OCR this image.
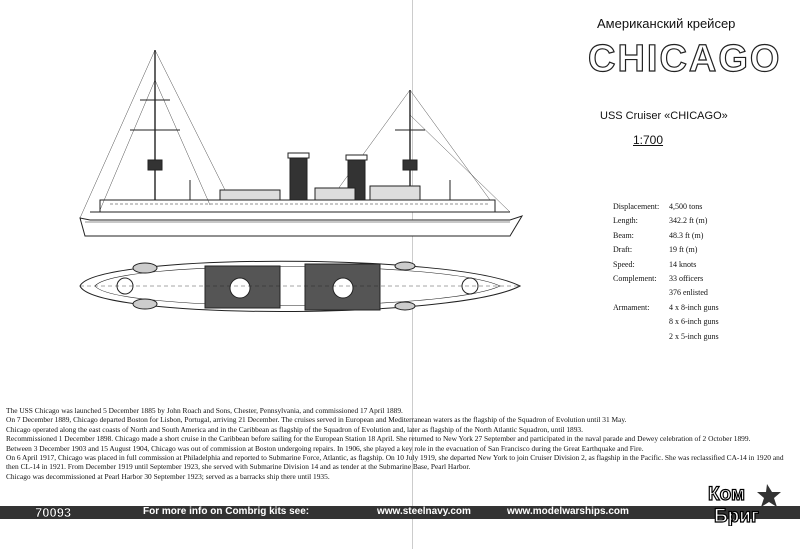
Американский крейсер
CHICAGO
USS Cruiser «CHICAGO»
1:700
Displacement:	4,500 tons
Length:	342.2 ft (m)
Beam:	48.3 ft (m)
Draft:	19 ft (m)
Speed:	14 knots
Complement:	33 officers
376 enlisted
Armament:	4 x 8-inch guns
8 x 6-inch guns
2 x 5-inch guns

The USS Chicago was launched 5 December 1885 by John Roach and Sons, Chester, Pennsylvania, and commissioned 17 April 1889.

On 7 December 1889, Chicago departed Boston for Lisbon, Portugal, arriving 21 December. The cruises served in European and Mediterranean waters as the flagship of the Squadron of Evolution until 31 May.

Chicago operated along the east coasts of North and South America and in the Caribbean as flagship of the Squadron of Evolution and, later as flagship of the North Atlantic Squadron, until 1893.

Recommissioned 1 December 1898. Chicago made a short cruise in the Caribbean before sailing for the European Station 18 April. She returned to New York 27 September and participated in the naval parade and Dewey celebration of 2 October 1899.

Between 3 December 1903 and 15 August 1904, Chicago was out of commission at Boston undergoing repairs. In 1906, she played a key role in the evacuation of San Francisco during the Great Earthquake and Fire.

On 6 April 1917, Chicago was placed in full commission at Philadelphia and reported to Submarine Force, Atlantic, as flagship. On 10 July 1919, she departed New York to join Cruiser Division 2, as flagship in the Pacific. She was reclassified CA-14 in 1920 and then CL-14 in 1921. From December 1919 until September 1923, she served with Submarine Division 14 and as tender at the Submarine Base, Pearl Harbor.

Chicago was decommissioned at Pearl Harbor 30 September 1923; served as a barracks ship there until 1935.

70093	For more info on Combrig kits see:	www.steelnavy.com	www.modelwarships.com
Ком
Бриг
